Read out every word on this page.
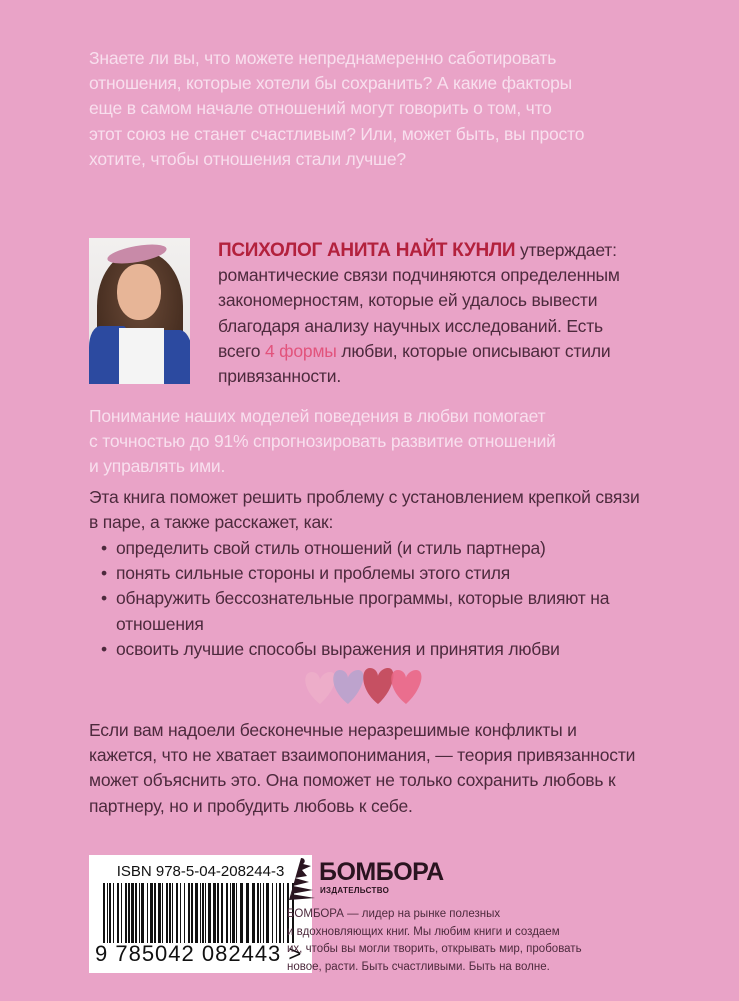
Знаете ли вы, что можете непреднамеренно саботировать
отношения, которые хотели бы сохранить? А какие факторы
еще в самом начале отношений могут говорить о том, что
этот союз не станет счастливым? Или, может быть, вы просто
хотите, чтобы отношения стали лучше?
ПСИХОЛОГ АНИТА НАЙТ КУНЛИ утверждает:
романтические связи подчиняются определенным
закономерностям, которые ей удалось вывести
благодаря анализу научных исследований. Есть
всего 4 формы любви, которые описывают стили
привязанности.
Понимание наших моделей поведения в любви помогает
с точностью до 91% спрогнозировать развитие отношений
и управлять ими.
Эта книга поможет решить проблему с установлением крепкой связи
в паре, а также расскажет, как:
• определить свой стиль отношений (и стиль партнера)
• понять сильные стороны и проблемы этого стиля
• обнаружить бессознательные программы, которые влияют на
отношения
• освоить лучшие способы выражения и принятия любви
Если вам надоели бесконечные неразрешимые конфликты и
кажется, что не хватает взаимопонимания, — теория привязанности
может объяснить это. Она поможет не только сохранить любовь к
партнеру, но и пробудить любовь к себе.
ISBN 978-5-04-208244-3
9 785042 082443 >
БОМБОРА
ИЗДАТЕЛЬСТВО
БОМБОРА — лидер на рынке полезных
и вдохновляющих книг. Мы любим книги и создаем
их, чтобы вы могли творить, открывать мир, пробовать
новое, расти. Быть счастливыми. Быть на волне.
